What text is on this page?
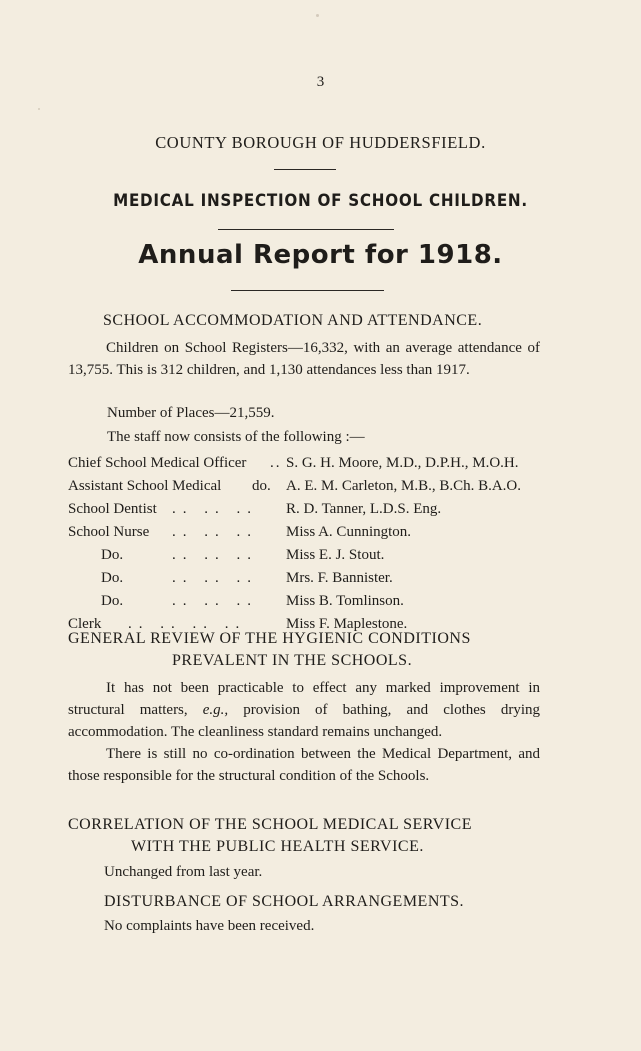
3
COUNTY BOROUGH OF HUDDERSFIELD.
MEDICAL INSPECTION OF SCHOOL CHILDREN.
Annual Report for 1918.
SCHOOL ACCOMMODATION AND ATTENDANCE.
Children on School Registers—16,332, with an average attendance of 13,755. This is 312 children, and 1,130 attendances less than 1917.
Number of Places—21,559.
The staff now consists of the following :—
Chief School Medical Officer .. S. G. H. Moore, M.D., D.P.H., M.O.H.
Assistant School Medical do. A. E. M. Carleton, M.B., B.Ch. B.A.O.
School Dentist .. .. .. R. D. Tanner, L.D.S. Eng.
School Nurse .. .. .. Miss A. Cunnington.
Do.	.. .. .. Miss E. J. Stout.
Do.	.. .. .. Mrs. F. Bannister.
Do.	.. .. .. Miss B. Tomlinson.
Clerk .. .. .. ..	Miss F. Maplestone.
GENERAL REVIEW OF THE HYGIENIC CONDITIONS
PREVALENT IN THE SCHOOLS.
It has not been practicable to effect any marked improvement in structural matters, e.g., provision of bathing, and clothes drying accommodation. The cleanliness standard remains unchanged.
There is still no co-ordination between the Medical Department, and those responsible for the structural condition of the Schools.
CORRELATION OF THE SCHOOL MEDICAL SERVICE
WITH THE PUBLIC HEALTH SERVICE.
Unchanged from last year.
DISTURBANCE OF SCHOOL ARRANGEMENTS.
No complaints have been received.
